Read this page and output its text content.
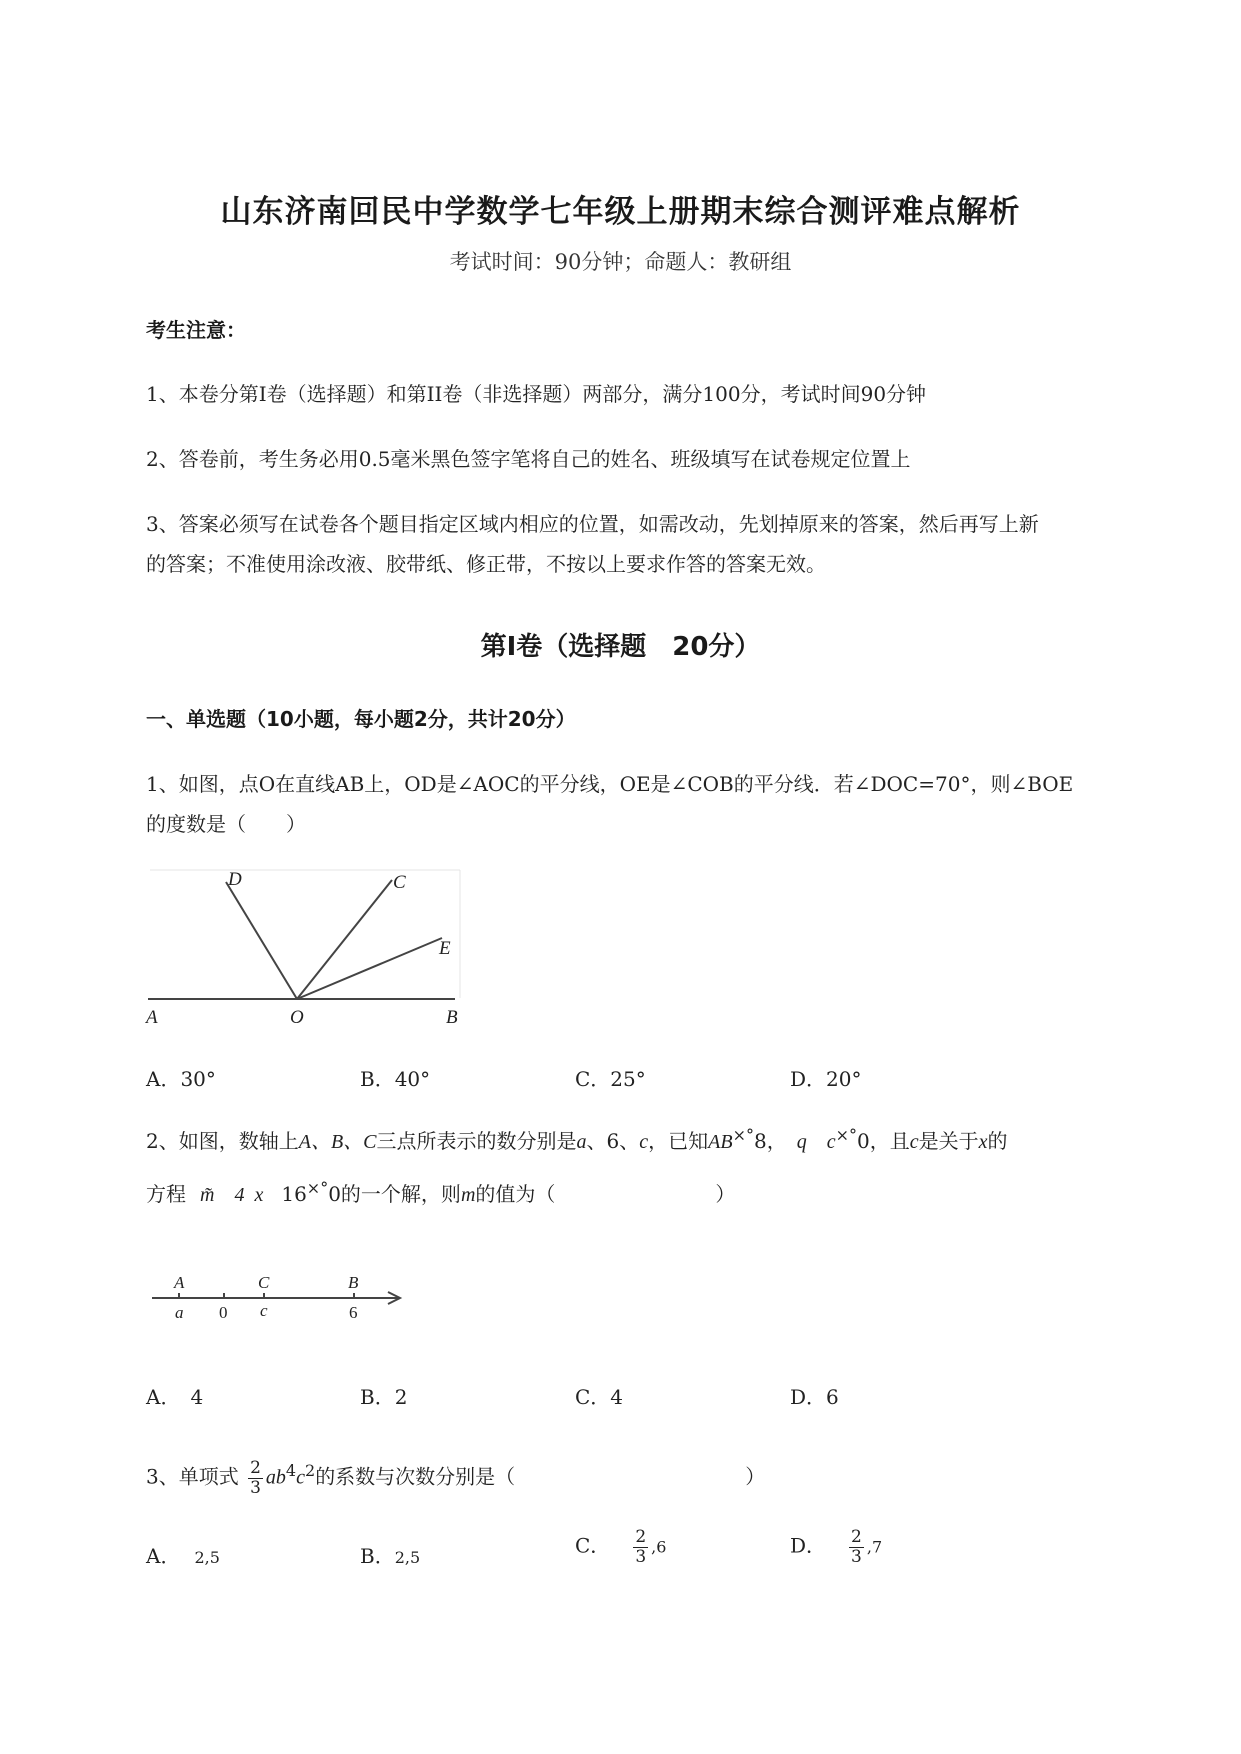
山东济南回民中学数学七年级上册期末综合测评难点解析
考试时间：90分钟；命题人：教研组
考生注意：
1、本卷分第I卷（选择题）和第II卷（非选择题）两部分，满分100分，考试时间90分钟
2、答卷前，考生务必用0.5毫米黑色签字笔将自己的姓名、班级填写在试卷规定位置上
3、答案必须写在试卷各个题目指定区域内相应的位置，如需改动，先划掉原来的答案，然后再写上新
的答案；不准使用涂改液、胶带纸、修正带，不按以上要求作答的答案无效。
第I卷（选择题　20分）
一、单选题（10小题，每小题2分，共计20分）
1、如图，点O在直线AB上，OD是∠AOC的平分线，OE是∠COB的平分线．若∠DOC=70°，则∠BOE
的度数是（　　）
D	C
E
A	O	B
A．30°	B．40°	C．25°	D．20°
2、如图，数轴上A、B、C三点所表示的数分别是a、6、c，已知AB×°8， q　c×°0，且c是关于x的
方程 m̃　4 x 16×°0的一个解，则m的值为（	）
A
a 0
C
c
B
6
A．　4	B．2	C．4	D．6
3、单项式 $\frac{2}{3} ab^4c^2$的系数与次数分别是（	）
A． 2,5	B．2,5	C． $\frac{2}{3} ,6$	D． $\frac{2}{3} ,7$
